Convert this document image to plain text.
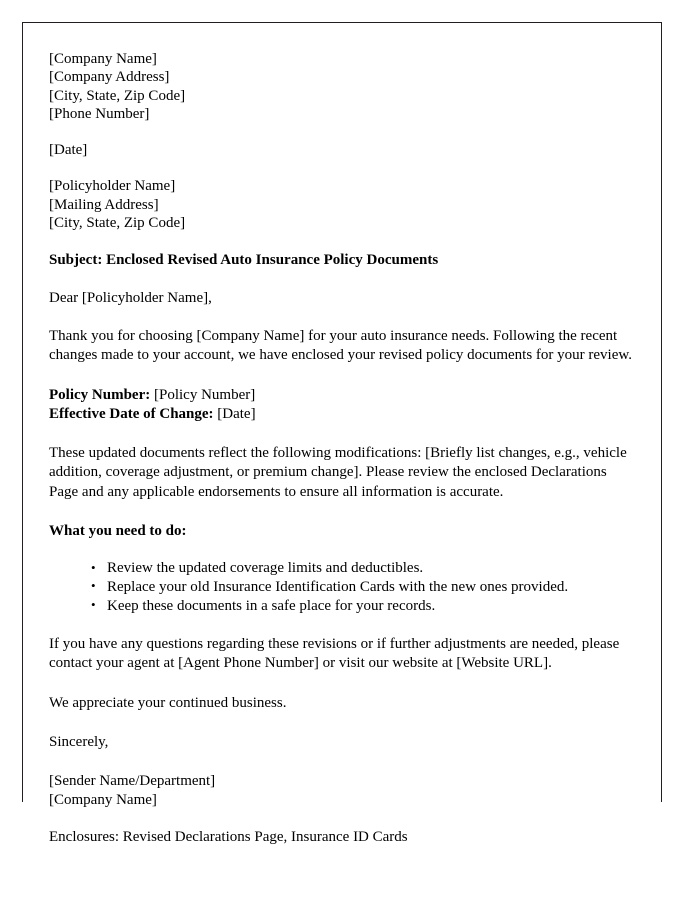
[Company Name]
[Company Address]
[City, State, Zip Code]
[Phone Number]
[Date]
[Policyholder Name]
[Mailing Address]
[City, State, Zip Code]
Subject: Enclosed Revised Auto Insurance Policy Documents
Dear [Policyholder Name],
Thank you for choosing [Company Name] for your auto insurance needs. Following the recent changes made to your account, we have enclosed your revised policy documents for your review.
Policy Number: [Policy Number]
Effective Date of Change: [Date]
These updated documents reflect the following modifications: [Briefly list changes, e.g., vehicle addition, coverage adjustment, or premium change]. Please review the enclosed Declarations Page and any applicable endorsements to ensure all information is accurate.
What you need to do:
• Review the updated coverage limits and deductibles.
• Replace your old Insurance Identification Cards with the new ones provided.
• Keep these documents in a safe place for your records.
If you have any questions regarding these revisions or if further adjustments are needed, please contact your agent at [Agent Phone Number] or visit our website at [Website URL].
We appreciate your continued business.
Sincerely,
[Sender Name/Department]
[Company Name]
Enclosures: Revised Declarations Page, Insurance ID Cards
